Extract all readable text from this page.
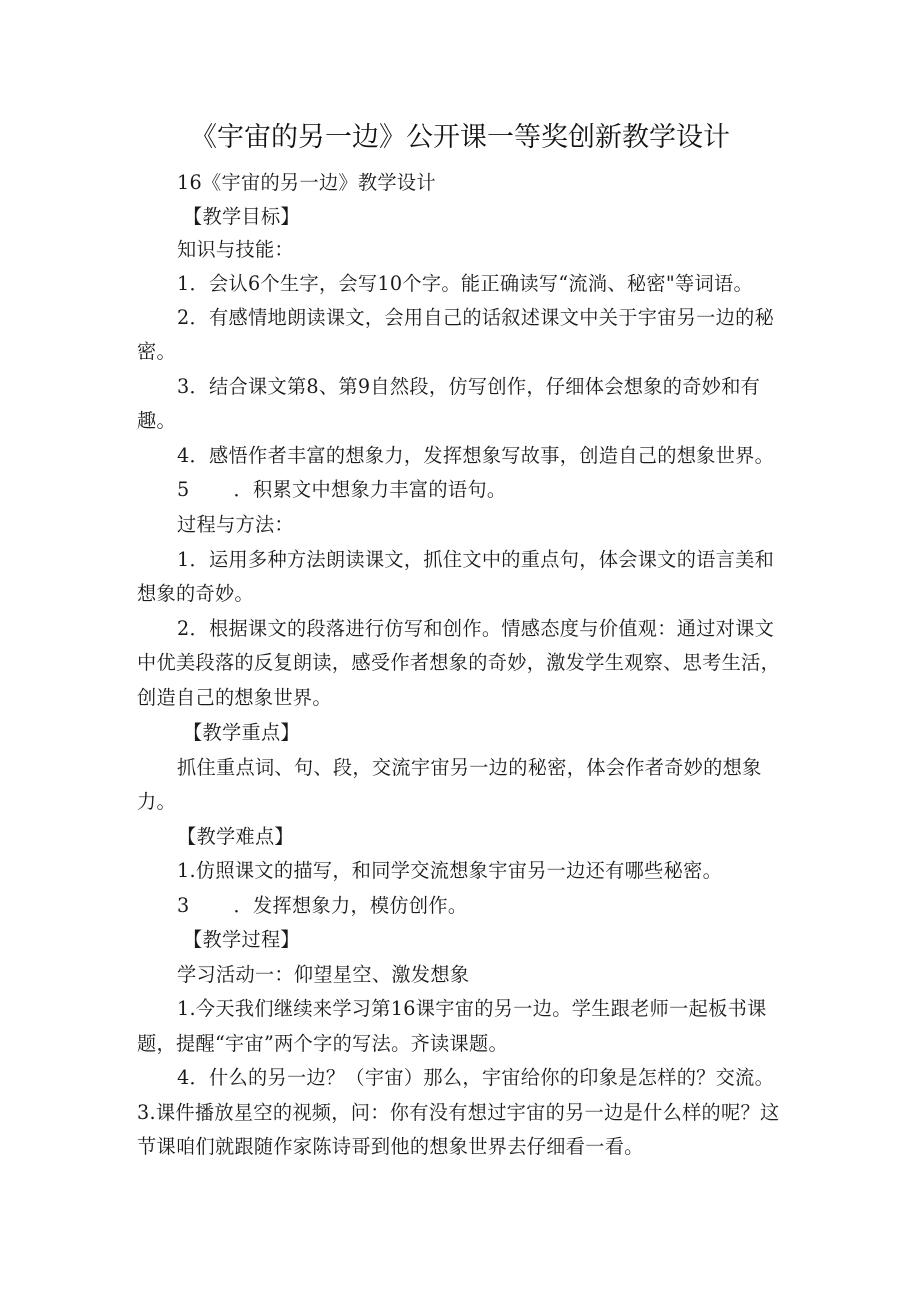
《宇宙的另一边》公开课一等奖创新教学设计
16《宇宙的另一边》教学设计
【教学目标】
知识与技能：
1．会认6个生字，会写10个字。能正确读写“流淌、秘密"等词语。
2．有感情地朗读课文，会用自己的话叙述课文中关于宇宙另一边的秘
密。
3．结合课文第8、第9自然段，仿写创作，仔细体会想象的奇妙和有
趣。
4．感悟作者丰富的想象力，发挥想象写故事，创造自己的想象世界。
5 ．积累文中想象力丰富的语句。
过程与方法：
1．运用多种方法朗读课文，抓住文中的重点句，体会课文的语言美和
想象的奇妙。
2．根据课文的段落进行仿写和创作。情感态度与价值观：通过对课文
中优美段落的反复朗读，感受作者想象的奇妙，激发学生观察、思考生活，
创造自己的想象世界。
【教学重点】
抓住重点词、句、段，交流宇宙另一边的秘密，体会作者奇妙的想象
力。
【教学难点】
1.仿照课文的描写，和同学交流想象宇宙另一边还有哪些秘密。
3 ．发挥想象力，模仿创作。
【教学过程】
学习活动一：仰望星空、激发想象
1.今天我们继续来学习第16课宇宙的另一边。学生跟老师一起板书课
题，提醒“宇宙”两个字的写法。齐读课题。
4．什么的另一边？（宇宙）那么，宇宙给你的印象是怎样的？交流。
3.课件播放星空的视频，问：你有没有想过宇宙的另一边是什么样的呢？这
节课咱们就跟随作家陈诗哥到他的想象世界去仔细看一看。
